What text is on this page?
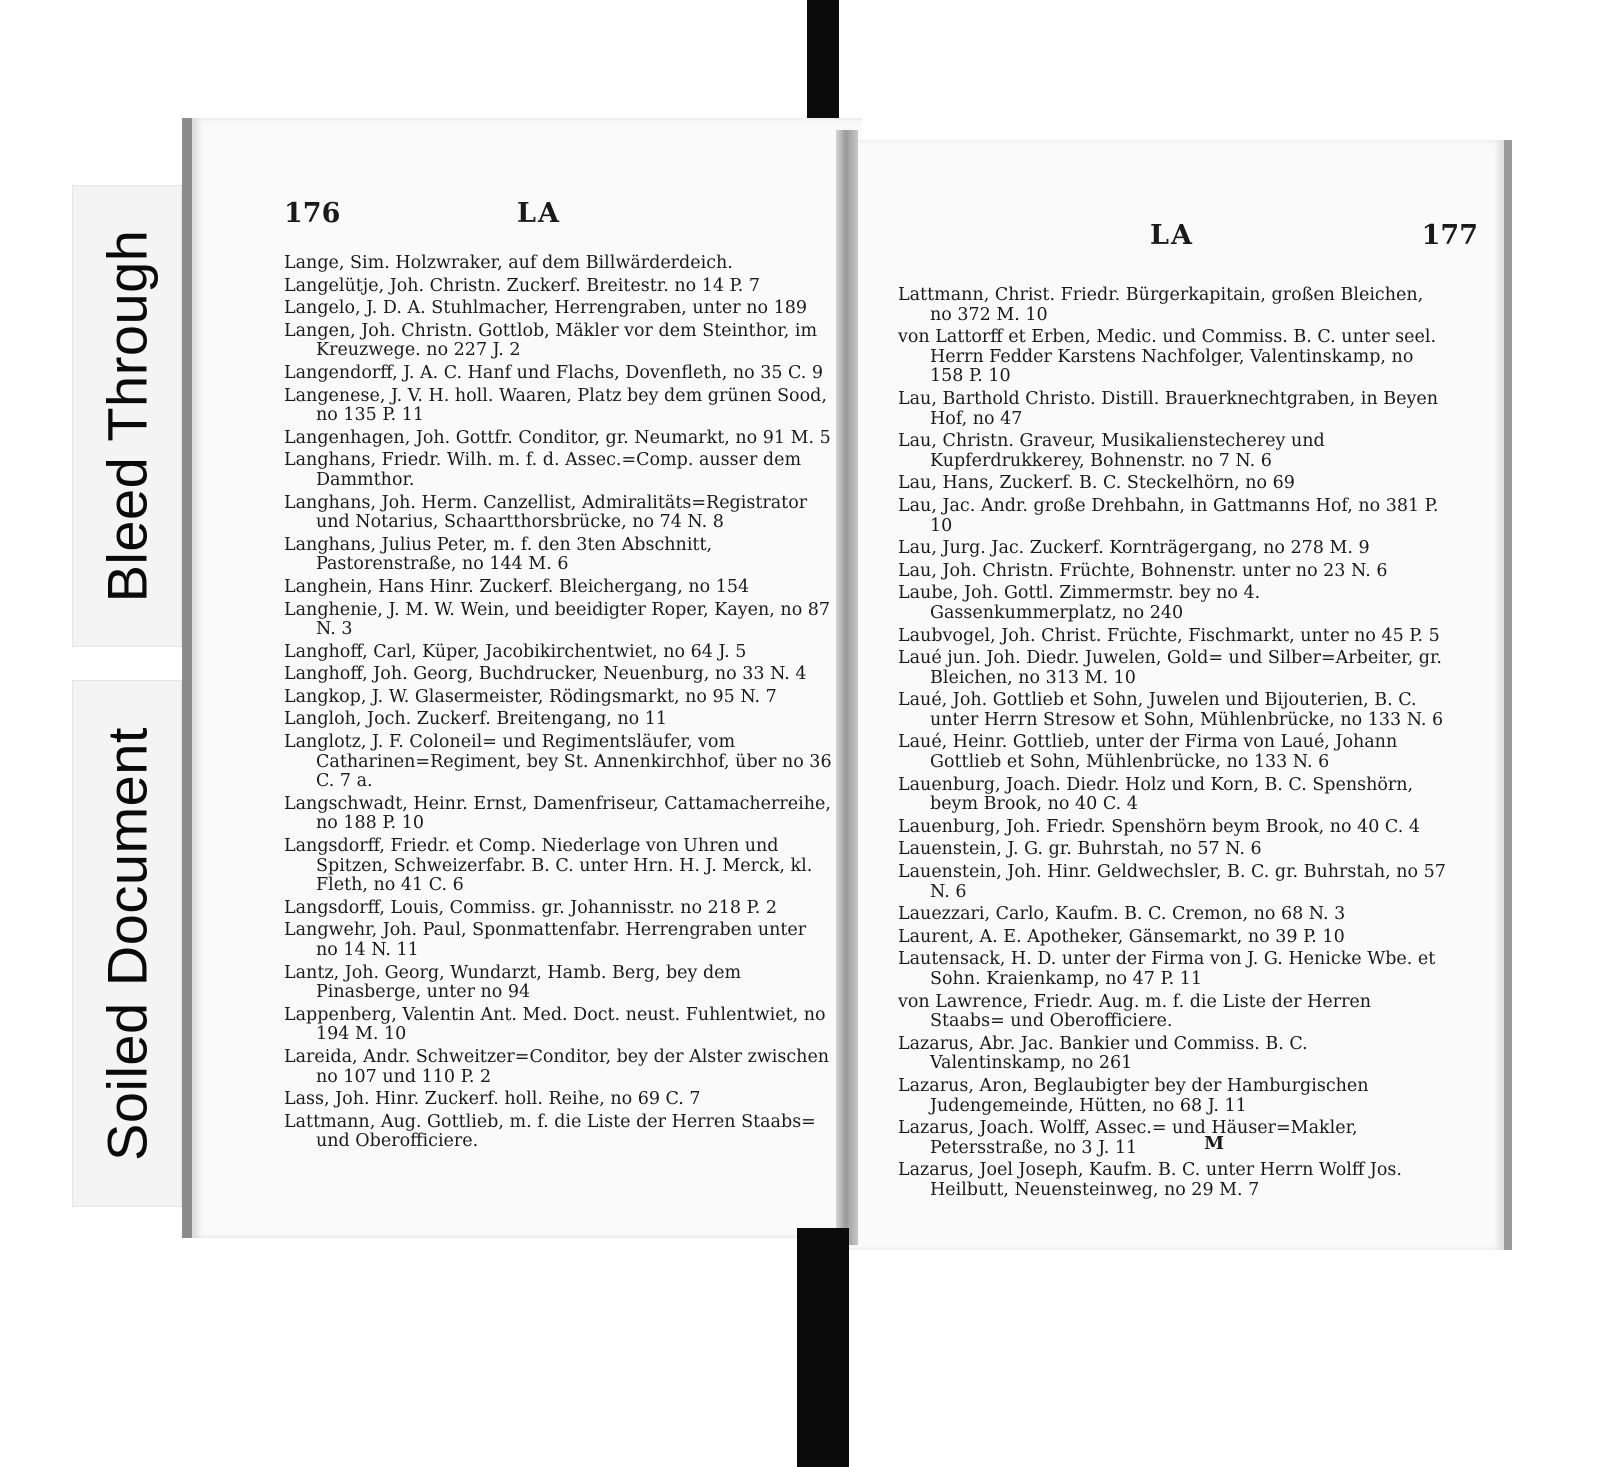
Bleed Through
Soiled Document
176	LA
Lange, Sim. Holzwraker, auf dem Billwärderdeich.
Langelütje, Joh. Christn. Zuckerf. Breitestr. no 14 P. 7
Langelo, J. D. A. Stuhlmacher, Herrengraben, unter no 189
Langen, Joh. Christn. Gottlob, Mäkler vor dem Steinthor, im Kreuzwege. no 227 J. 2
Langendorff, J. A. C. Hanf und Flachs, Dovenfleth, no 35 C. 9
Langenese, J. V. H. holl. Waaren, Platz bey dem grünen Sood, no 135 P. 11
Langenhagen, Joh. Gottfr. Conditor, gr. Neumarkt, no 91 M. 5
Langhans, Friedr. Wilh. m. f. d. Assec.=Comp. ausser dem Dammthor.
Langhans, Joh. Herm. Canzellist, Admiralitäts=Registrator und Notarius, Schaartthorsbrücke, no 74 N. 8
Langhans, Julius Peter, m. f. den 3ten Abschnitt, Pastorenstraße, no 144 M. 6
Langhein, Hans Hinr. Zuckerf. Bleichergang, no 154
Langhenie, J. M. W. Wein, und beeidigter Roper, Kayen, no 87 N. 3
Langhoff, Carl, Küper, Jacobikirchentwiet, no 64 J. 5
Langhoff, Joh. Georg, Buchdrucker, Neuenburg, no 33 N. 4
Langkop, J. W. Glasermeister, Rödingsmarkt, no 95 N. 7
Langloh, Joch. Zuckerf. Breitengang, no 11
Langlotz, J. F. Coloneil= und Regimentsläufer, vom Catharinen=Regiment, bey St. Annenkirchhof, über no 36 C. 7 a.
Langschwadt, Heinr. Ernst, Damenfriseur, Cattamacherreihe, no 188 P. 10
Langsdorff, Friedr. et Comp. Niederlage von Uhren und Spitzen, Schweizerfabr. B. C. unter Hrn. H. J. Merck, kl. Fleth, no 41 C. 6
Langsdorff, Louis, Commiss. gr. Johannisstr. no 218 P. 2
Langwehr, Joh. Paul, Sponmattenfabr. Herrengraben unter no 14 N. 11
Lantz, Joh. Georg, Wundarzt, Hamb. Berg, bey dem Pinasberge, unter no 94
Lappenberg, Valentin Ant. Med. Doct. neust. Fuhlentwiet, no 194 M. 10
Lareida, Andr. Schweitzer=Conditor, bey der Alster zwischen no 107 und 110 P. 2
Lass, Joh. Hinr. Zuckerf. holl. Reihe, no 69 C. 7
Lattmann, Aug. Gottlieb, m. f. die Liste der Herren Staabs= und Oberofficiere.
177
LA
Lattmann, Christ. Friedr. Bürgerkapitain, großen Bleichen, no 372 M. 10
von Lattorff et Erben, Medic. und Commiss. B. C. unter seel. Herrn Fedder Karstens Nachfolger, Valentinskamp, no 158 P. 10
Lau, Barthold Christo. Distill. Brauerknechtgraben, in Beyen Hof, no 47
Lau, Christn. Graveur, Musikalienstecherey und Kupferdrukkerey, Bohnenstr. no 7 N. 6
Lau, Hans, Zuckerf. B. C. Steckelhörn, no 69
Lau, Jac. Andr. große Drehbahn, in Gattmanns Hof, no 381 P. 10
Lau, Jurg. Jac. Zuckerf. Kornträgergang, no 278 M. 9
Lau, Joh. Christn. Früchte, Bohnenstr. unter no 23 N. 6
Laube, Joh. Gottl. Zimmermstr. bey no 4. Gassenkummerplatz, no 240
Laubvogel, Joh. Christ. Früchte, Fischmarkt, unter no 45 P. 5
Laué jun. Joh. Diedr. Juwelen, Gold= und Silber=Arbeiter, gr. Bleichen, no 313 M. 10
Laué, Joh. Gottlieb et Sohn, Juwelen und Bijouterien, B. C. unter Herrn Stresow et Sohn, Mühlenbrücke, no 133 N. 6
Laué, Heinr. Gottlieb, unter der Firma von Laué, Johann Gottlieb et Sohn, Mühlenbrücke, no 133 N. 6
Lauenburg, Joach. Diedr. Holz und Korn, B. C. Spenshörn, beym Brook, no 40 C. 4
Lauenburg, Joh. Friedr. Spenshörn beym Brook, no 40 C. 4
Lauenstein, J. G. gr. Buhrstah, no 57 N. 6
Lauenstein, Joh. Hinr. Geldwechsler, B. C. gr. Buhrstah, no 57 N. 6
Lauezzari, Carlo, Kaufm. B. C. Cremon, no 68 N. 3
Laurent, A. E. Apotheker, Gänsemarkt, no 39 P. 10
Lautensack, H. D. unter der Firma von J. G. Henicke Wbe. et Sohn. Kraienkamp, no 47 P. 11
von Lawrence, Friedr. Aug. m. f. die Liste der Herren Staabs= und Oberofficiere.
Lazarus, Abr. Jac. Bankier und Commiss. B. C. Valentinskamp, no 261
Lazarus, Aron, Beglaubigter bey der Hamburgischen Judengemeinde, Hütten, no 68 J. 11
Lazarus, Joach. Wolff, Assec.= und Häuser=Makler, Petersstraße, no 3 J. 11
Lazarus, Joel Joseph, Kaufm. B. C. unter Herrn Wolff Jos. Heilbutt, Neuensteinweg, no 29 M. 7
M
